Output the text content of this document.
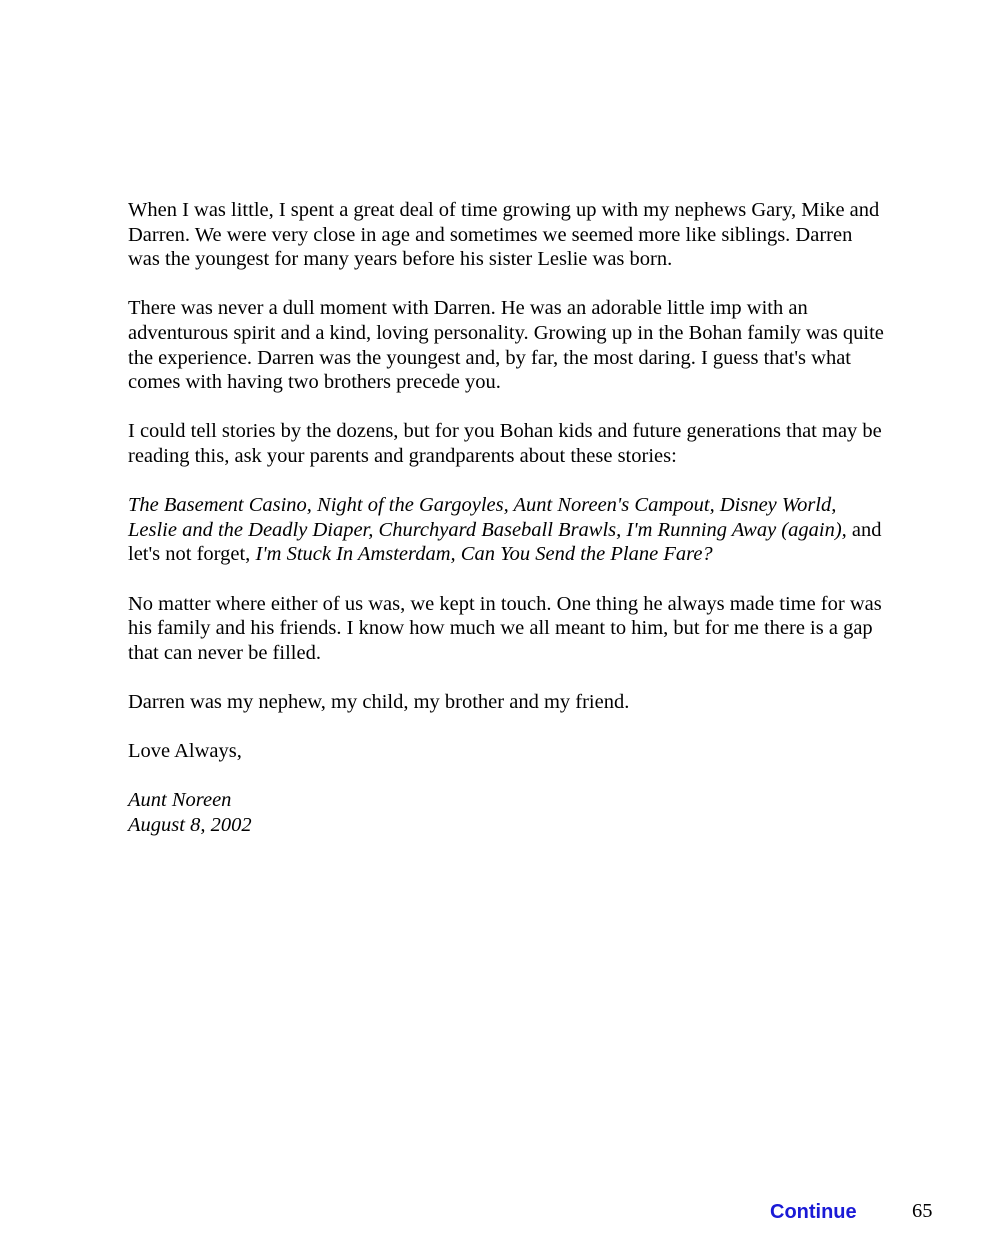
When I was little, I spent a great deal of time growing up with my nephews Gary, Mike and
Darren. We were very close in age and sometimes we seemed more like siblings. Darren
was the youngest for many years before his sister Leslie was born.

There was never a dull moment with Darren. He was an adorable little imp with an
adventurous spirit and a kind, loving personality. Growing up in the Bohan family was quite
the experience. Darren was the youngest and, by far, the most daring. I guess that's what
comes with having two brothers precede you.

I could tell stories by the dozens, but for you Bohan kids and future generations that may be
reading this, ask your parents and grandparents about these stories:

The Basement Casino, Night of the Gargoyles, Aunt Noreen's Campout, Disney World,
Leslie and the Deadly Diaper, Churchyard Baseball Brawls, I'm Running Away (again), and
let's not forget, I'm Stuck In Amsterdam, Can You Send the Plane Fare?

No matter where either of us was, we kept in touch. One thing he always made time for was
his family and his friends. I know how much we all meant to him, but for me there is a gap
that can never be filled.

Darren was my nephew, my child, my brother and my friend.

Love Always,

Aunt Noreen
August 8, 2002

Continue	65
